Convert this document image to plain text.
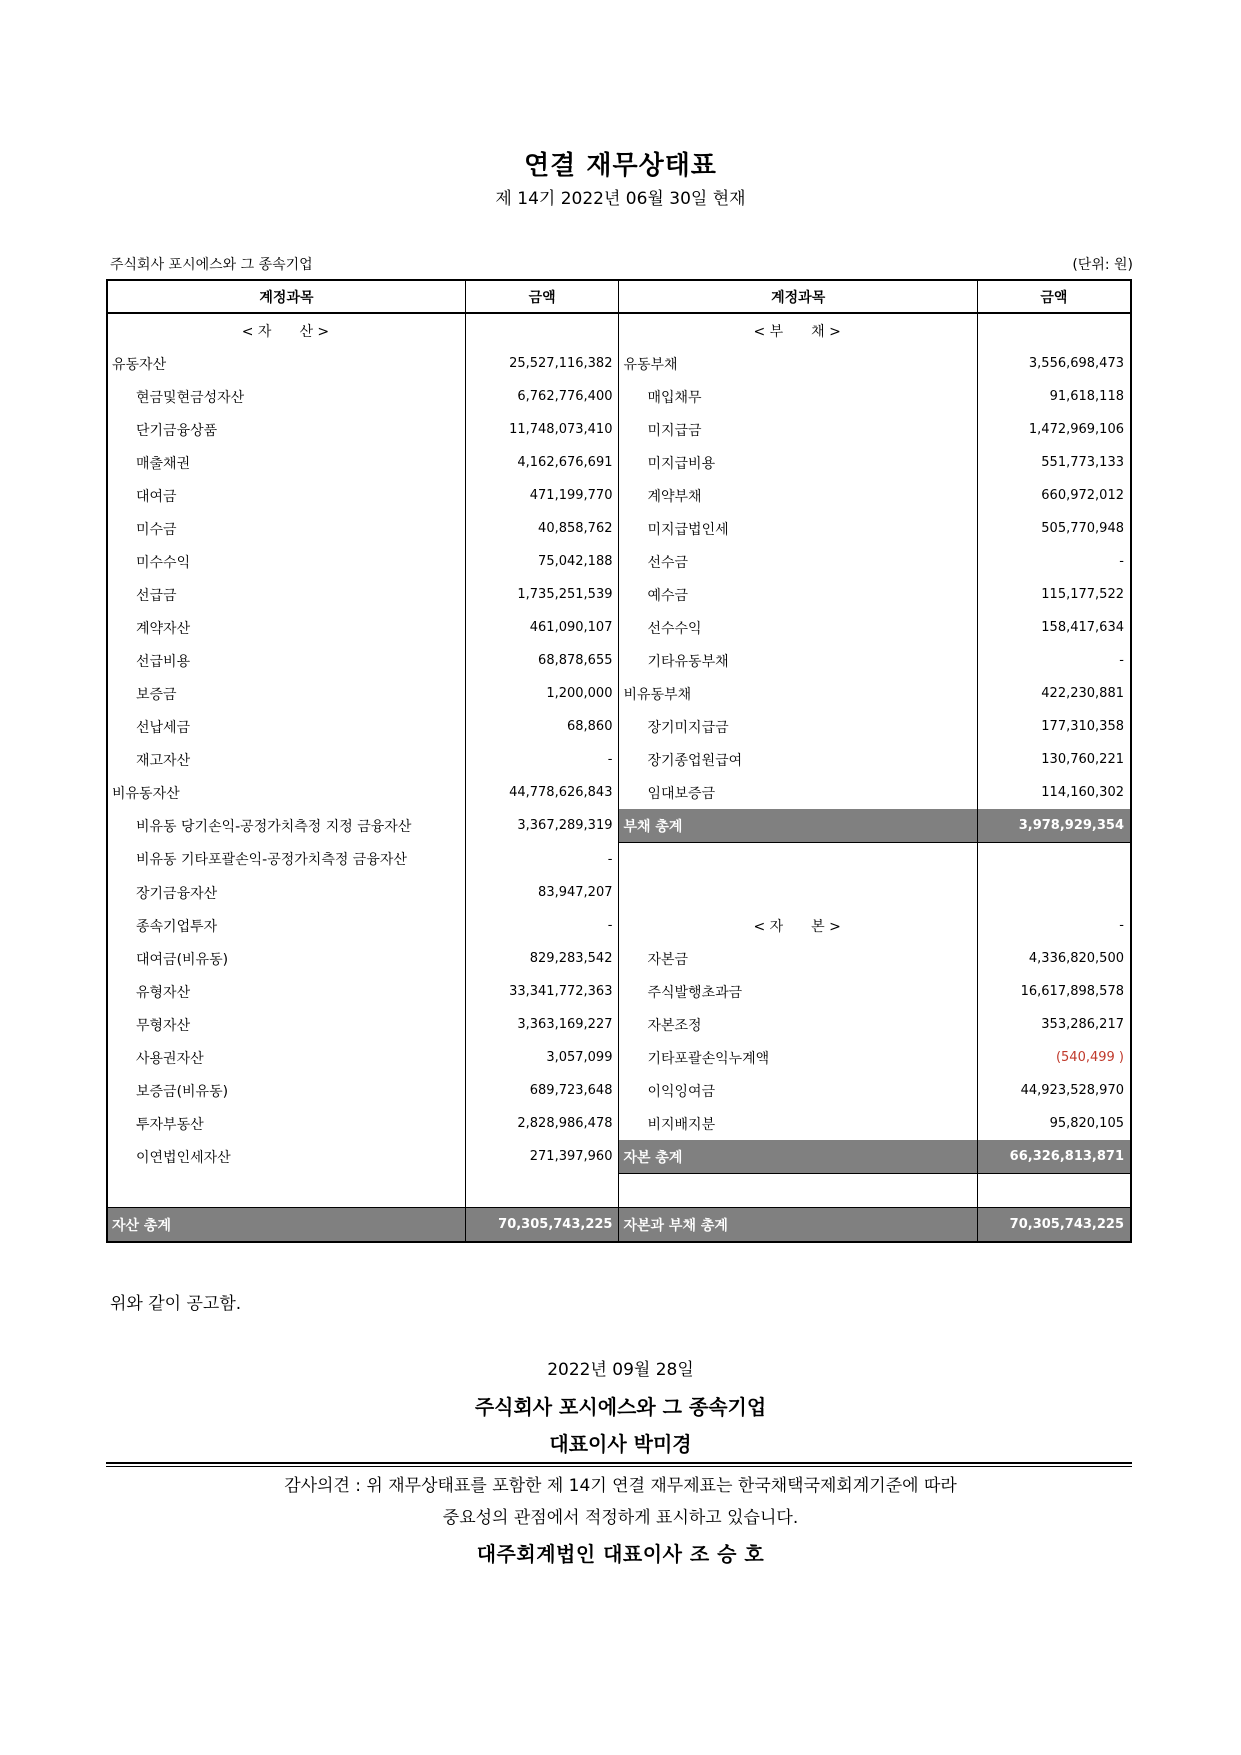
연결 재무상태표
제 14기 2022년 06월 30일 현재
주식회사 포시에스와 그 종속기업	(단위: 원)
계정과목	금액	계정과목	금액
< 자　　산 >		< 부　　채 >	
유동자산	25,527,116,382	유동부채	3,556,698,473
현금및현금성자산	6,762,776,400	매입채무	91,618,118
단기금융상품	11,748,073,410	미지급금	1,472,969,106
매출채권	4,162,676,691	미지급비용	551,773,133
대여금	471,199,770	계약부채	660,972,012
미수금	40,858,762	미지급법인세	505,770,948
미수수익	75,042,188	선수금	-
선급금	1,735,251,539	예수금	115,177,522
계약자산	461,090,107	선수수익	158,417,634
선급비용	68,878,655	기타유동부채	-
보증금	1,200,000	비유동부채	422,230,881
선납세금	68,860	장기미지급금	177,310,358
재고자산	-	장기종업원급여	130,760,221
비유동자산	44,778,626,843	임대보증금	114,160,302
비유동 당기손익-공정가치측정 지정 금융자산	3,367,289,319	부채 총계	3,978,929,354
비유동 기타포괄손익-공정가치측정 금융자산	-		
장기금융자산	83,947,207		
종속기업투자	-	< 자　　본 >	-
대여금(비유동)	829,283,542	자본금	4,336,820,500
유형자산	33,341,772,363	주식발행초과금	16,617,898,578
무형자산	3,363,169,227	자본조정	353,286,217
사용권자산	3,057,099	기타포괄손익누계액	(540,499 )
보증금(비유동)	689,723,648	이익잉여금	44,923,528,970
투자부동산	2,828,986,478	비지배지분	95,820,105
이연법인세자산	271,397,960	자본 총계	66,326,813,871

자산 총계	70,305,743,225	자본과 부채 총계	70,305,743,225
위와 같이 공고함.
2022년 09월 28일
주식회사 포시에스와 그 종속기업
대표이사 박미경
감사의견 : 위 재무상태표를 포함한 제 14기 연결 재무제표는 한국채택국제회계기준에 따라
중요성의 관점에서 적정하게 표시하고 있습니다.
대주회계법인 대표이사 조 승 호
